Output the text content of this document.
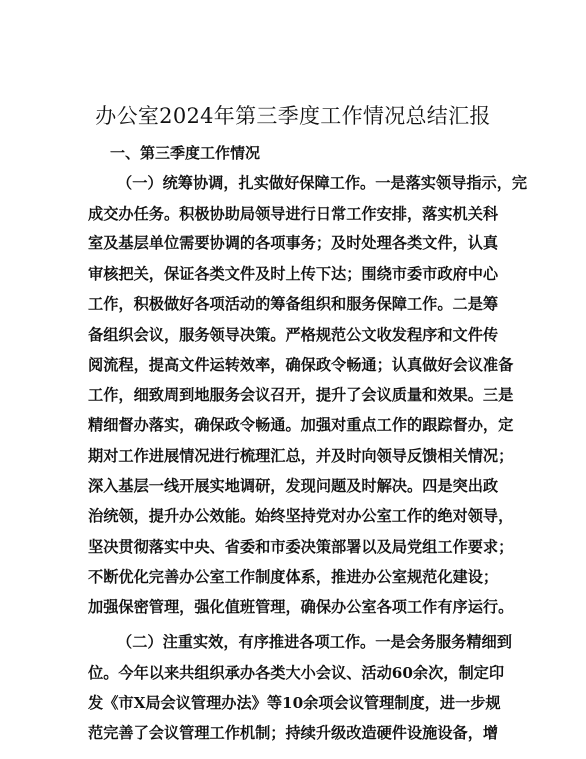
办公室2024年第三季度工作情况总结汇报
一、第三季度工作情况
（一）统筹协调，扎实做好保障工作。一是落实领导指示，完
成交办任务。积极协助局领导进行日常工作安排，落实机关科
室及基层单位需要协调的各项事务；及时处理各类文件，认真
审核把关，保证各类文件及时上传下达；围绕市委市政府中心
工作，积极做好各项活动的筹备组织和服务保障工作。二是筹
备组织会议，服务领导决策。严格规范公文收发程序和文件传
阅流程，提高文件运转效率，确保政令畅通；认真做好会议准备
工作，细致周到地服务会议召开，提升了会议质量和效果。三是
精细督办落实，确保政令畅通。加强对重点工作的跟踪督办，定
期对工作进展情况进行梳理汇总，并及时向领导反馈相关情况；
深入基层一线开展实地调研，发现问题及时解决。四是突出政
治统领，提升办公效能。始终坚持党对办公室工作的绝对领导，
坚决贯彻落实中央、省委和市委决策部署以及局党组工作要求；
不断优化完善办公室工作制度体系，推进办公室规范化建设；
加强保密管理，强化值班管理，确保办公室各项工作有序运行。
（二）注重实效，有序推进各项工作。一是会务服务精细到
位。今年以来共组织承办各类大小会议、活动60余次，制定印
发《市X局会议管理办法》等10余项会议管理制度，进一步规
范完善了会议管理工作机制；持续升级改造硬件设施设备，增
